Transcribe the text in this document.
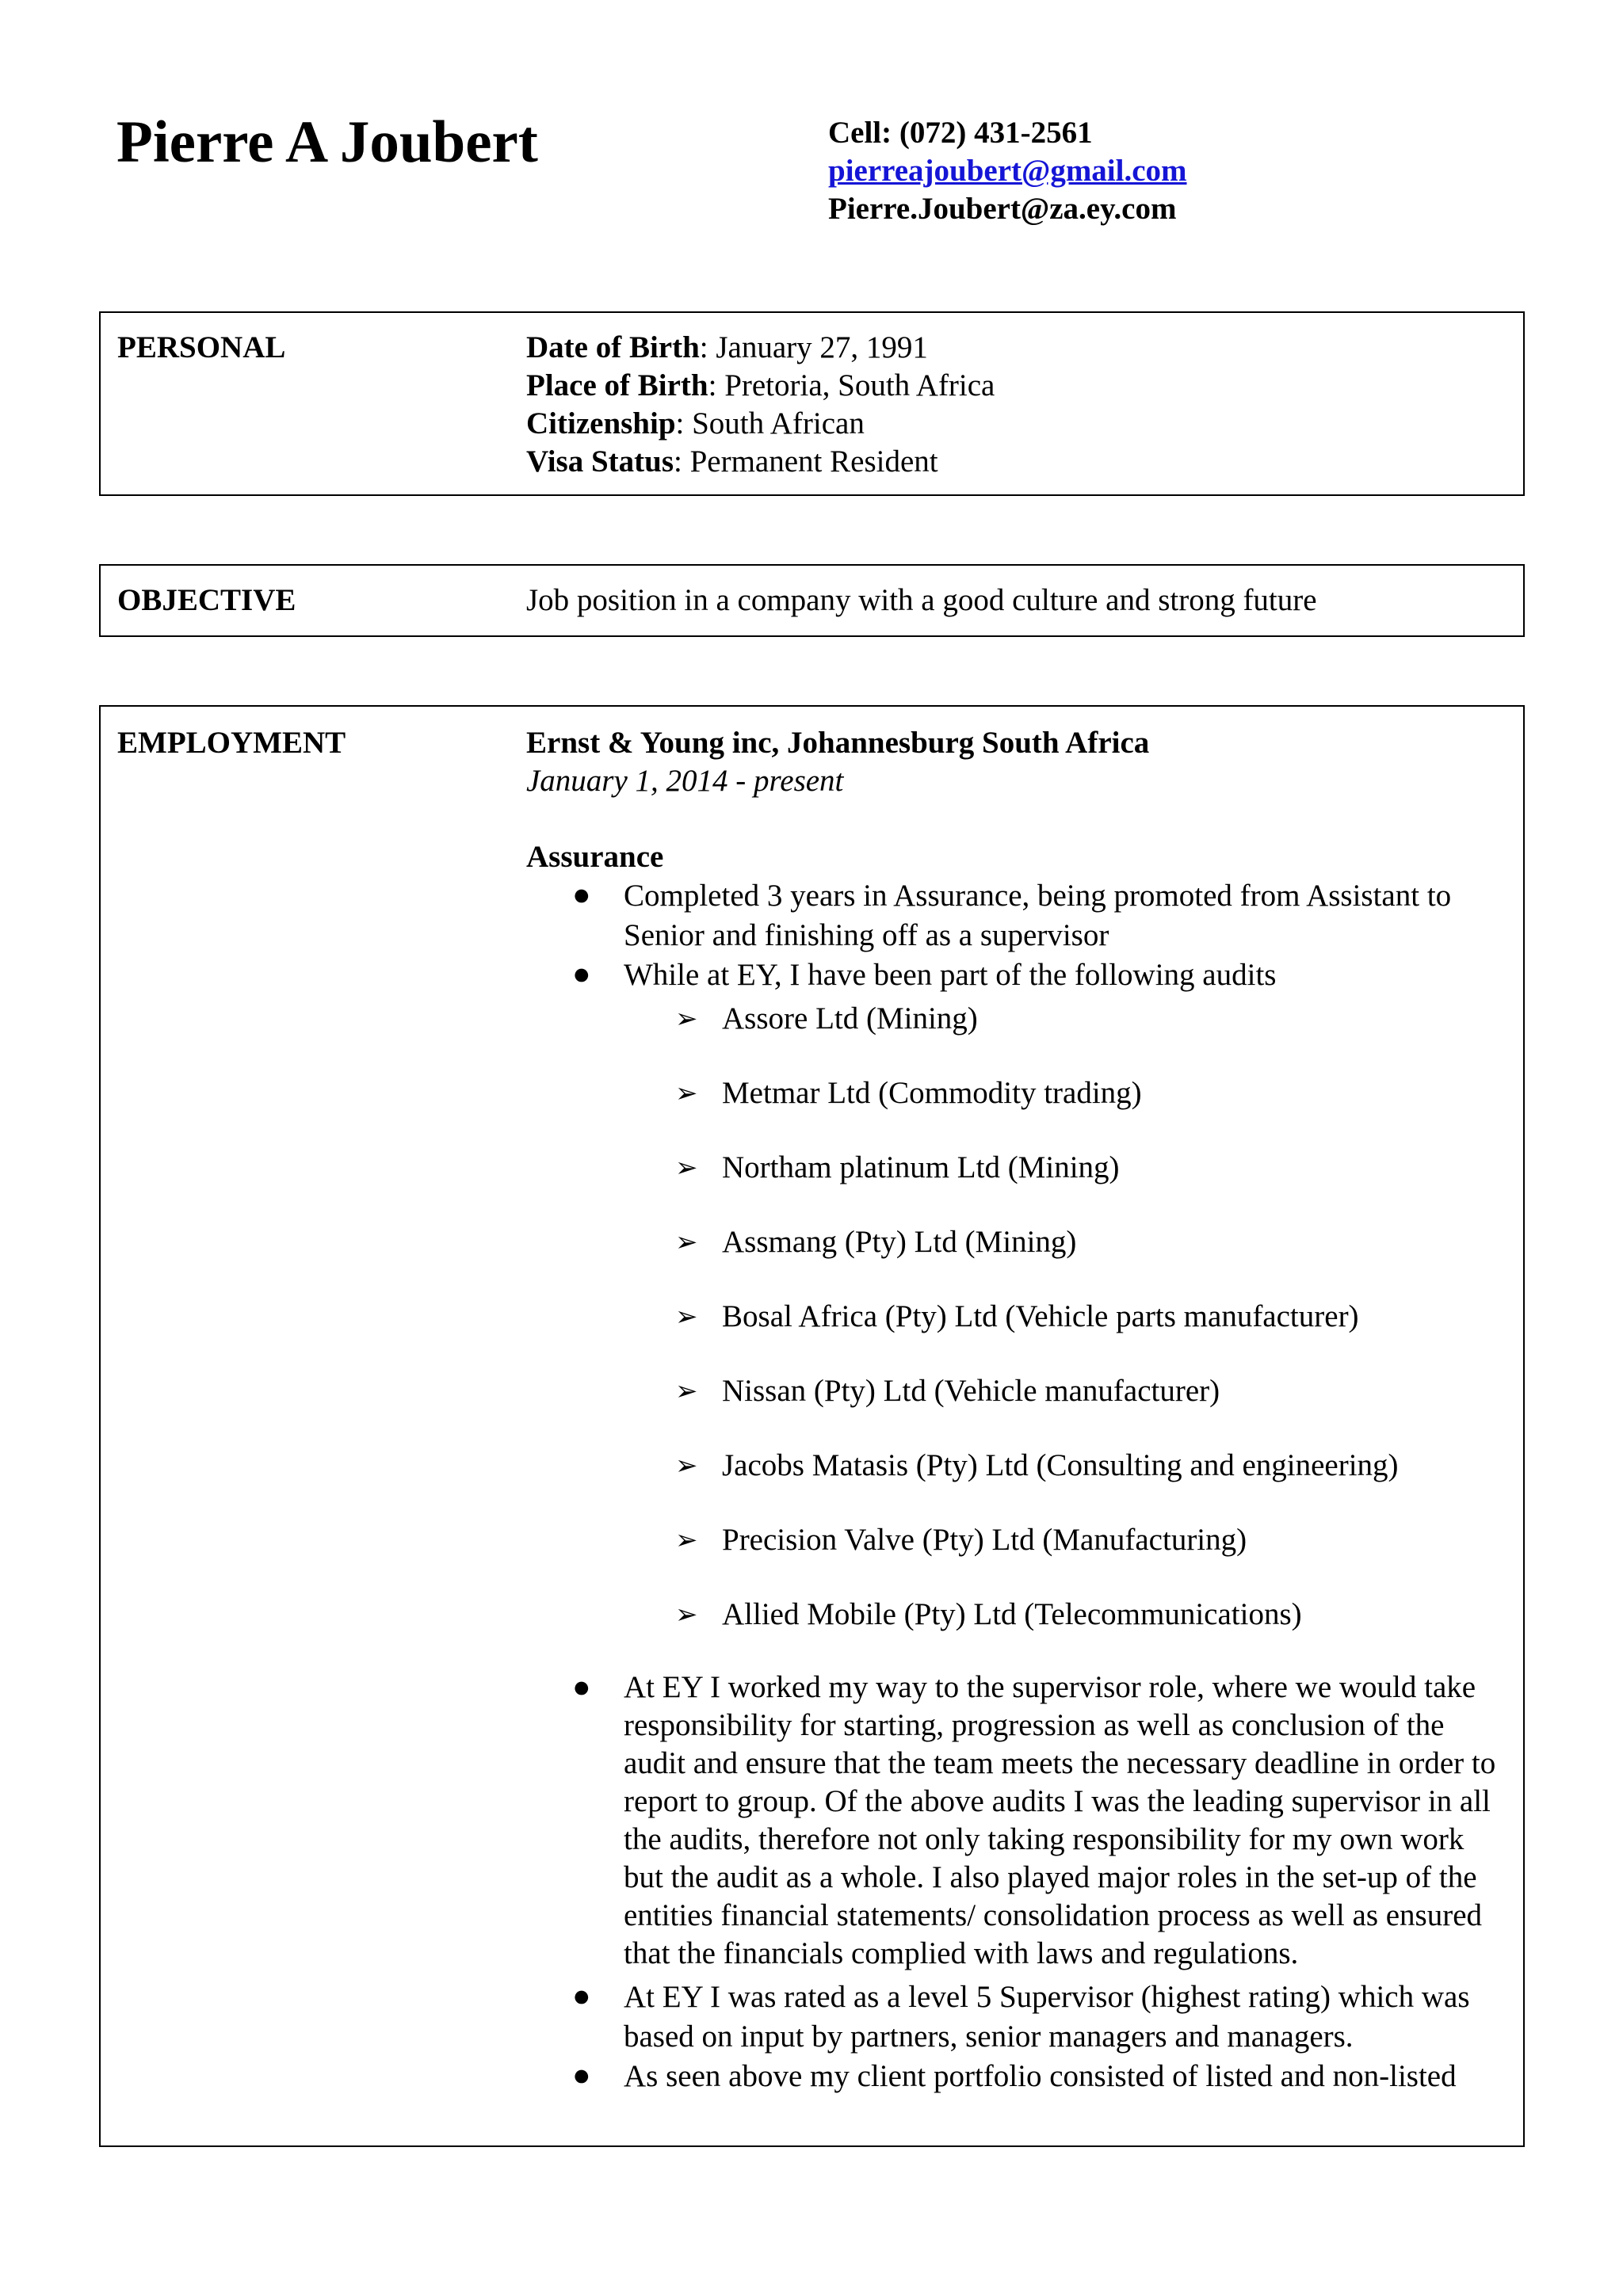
Pierre A Joubert	Cell: (072) 431-2561
pierreajoubert@gmail.com
Pierre.Joubert@za.ey.com
PERSONAL	Date of Birth: January 27, 1991
Place of Birth: Pretoria, South Africa
Citizenship: South African
Visa Status: Permanent Resident
OBJECTIVE	Job position in a company with a good culture and strong future
EMPLOYMENT	Ernst & Young inc, Johannesburg South Africa
January 1, 2014 - present
Assurance
● Completed 3 years in Assurance, being promoted from Assistant to Senior and finishing off as a supervisor
● While at EY, I have been part of the following audits
➢ Assore Ltd (Mining)
➢ Metmar Ltd (Commodity trading)
➢ Northam platinum Ltd (Mining)
➢ Assmang (Pty) Ltd (Mining)
➢ Bosal Africa (Pty) Ltd (Vehicle parts manufacturer)
➢ Nissan (Pty) Ltd (Vehicle manufacturer)
➢ Jacobs Matasis (Pty) Ltd (Consulting and engineering)
➢ Precision Valve (Pty) Ltd (Manufacturing)
➢ Allied Mobile (Pty) Ltd (Telecommunications)
● At EY I worked my way to the supervisor role, where we would take responsibility for starting, progression as well as conclusion of the audit and ensure that the team meets the necessary deadline in order to report to group. Of the above audits I was the leading supervisor in all the audits, therefore not only taking responsibility for my own work but the audit as a whole. I also played major roles in the set-up of the entities financial statements/ consolidation process as well as ensured that the financials complied with laws and regulations.
● At EY I was rated as a level 5 Supervisor (highest rating) which was based on input by partners, senior managers and managers.
● As seen above my client portfolio consisted of listed and non-listed
